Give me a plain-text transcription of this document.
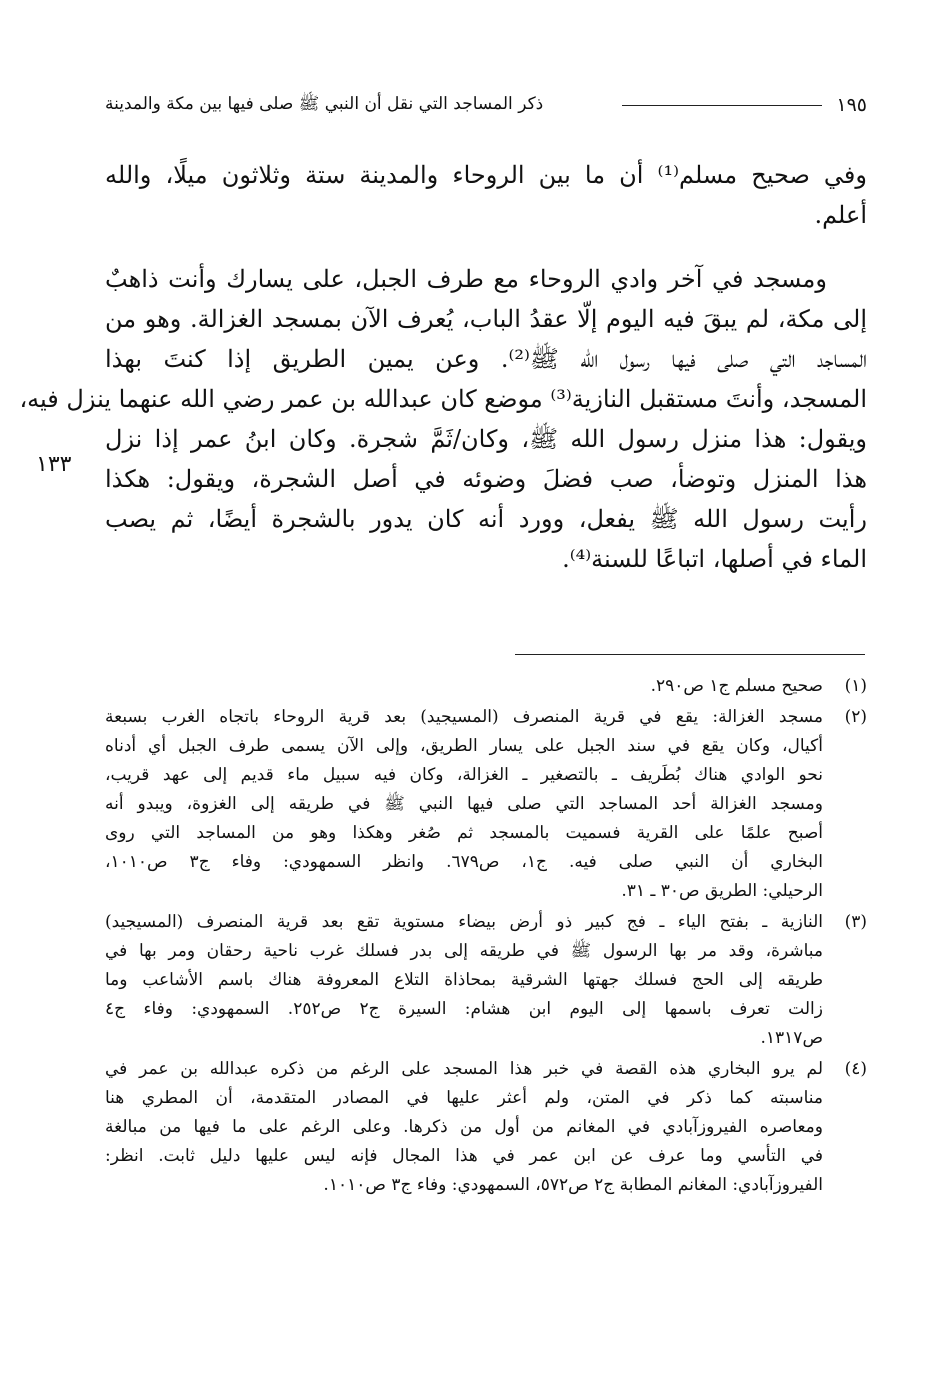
١٩٥
ذكر المساجد التي نقل أن النبي ﷺ صلى فيها بين مكة والمدينة
وفي صحيح مسلم⁽¹⁾ أن ما بين الروحاء والمدينة ستة وثلاثون ميلًا، والله
أعلم.
ومسجد في آخر وادي الروحاء مع طرف الجبل، على يسارك وأنت ذاهبٌ
إلى مكة، لم يبقَ فيه اليوم إلّا عقدُ الباب، يُعرف الآن بمسجد الغزالة. وهو من
المساجد التي صلى فيها رسول الله ﷺ⁽²⁾. وعن يمين الطريق إذا كنتَ بهذا
المسجد، وأنتَ مستقبل النازية⁽³⁾ موضع كان عبدالله بن عمر رضي الله عنهما ينزل فيه،
ويقول: هذا منزل رسول الله ﷺ، وكان/ثَمَّ شجرة. وكان ابنُ عمر إذا نزل
هذا المنزل وتوضأ، صب فضلَ وضوئه في أصل الشجرة، ويقول: هكذا
رأيت رسول الله ﷺ يفعل، وورد أنه كان يدور بالشجرة أيضًا، ثم يصب
الماء في أصلها، اتباعًا للسنة⁽⁴⁾.
١٣٣
(١)
صحيح مسلم ج١ ص٢٩٠.
(٢)
مسجد الغزالة: يقع في قرية المنصرف (المسيجيد) بعد قرية الروحاء باتجاه الغرب بسبعة
أكيال، وكان يقع في سند الجبل على يسار الطريق، وإلى الآن يسمى طرف الجبل أي أدناه
نحو الوادي هناك بُطَريف ـ بالتصغير ـ الغزالة، وكان فيه سبيل ماء قديم إلى عهد قريب،
ومسجد الغزالة أحد المساجد التي صلى فيها النبي ﷺ في طريقه إلى الغزوة، ويبدو أنه
أصبح علمًا على القرية فسميت بالمسجد ثم صُغر وهكذا وهو من المساجد التي روى
البخاري أن النبي صلى فيه. ج١، ص٦٧٩. وانظر السمهودي: وفاء ج٣ ص١٠١٠،
الرحيلي: الطريق ص٣٠ ـ ٣١.
(٣)
النازية ـ بفتح الياء ـ فج كبير ذو أرض بيضاء مستوية تقع بعد قرية المنصرف (المسيجيد)
مباشرة، وقد مر بها الرسول ﷺ في طريقه إلى بدر فسلك غرب ناحية رحقان ومر بها في
طريقه إلى الحج فسلك جهتها الشرقية بمحاذاة التلاع المعروفة هناك باسم الأشاعب وما
زالت تعرف باسمها إلى اليوم ابن هشام: السيرة ج٢ ص٢٥٢. السمهودي: وفاء ج٤
ص١٣١٧.
(٤)
لم يرو البخاري هذه القصة في خبر هذا المسجد على الرغم من ذكره عبدالله بن عمر في
مناسبته كما ذكر في المتن، ولم أعثر عليها في المصادر المتقدمة، أن المطري هنا
ومعاصره الفيروزآبادي في المغانم من أول من ذكرها. وعلى الرغم على ما فيها من مبالغة
في التأسي وما عرف عن ابن عمر في هذا المجال فإنه ليس عليها دليل ثابت. انظر:
الفيروزآبادي: المغانم المطابة ج٢ ص٥٧٢، السمهودي: وفاء ج٣ ص١٠١٠.
